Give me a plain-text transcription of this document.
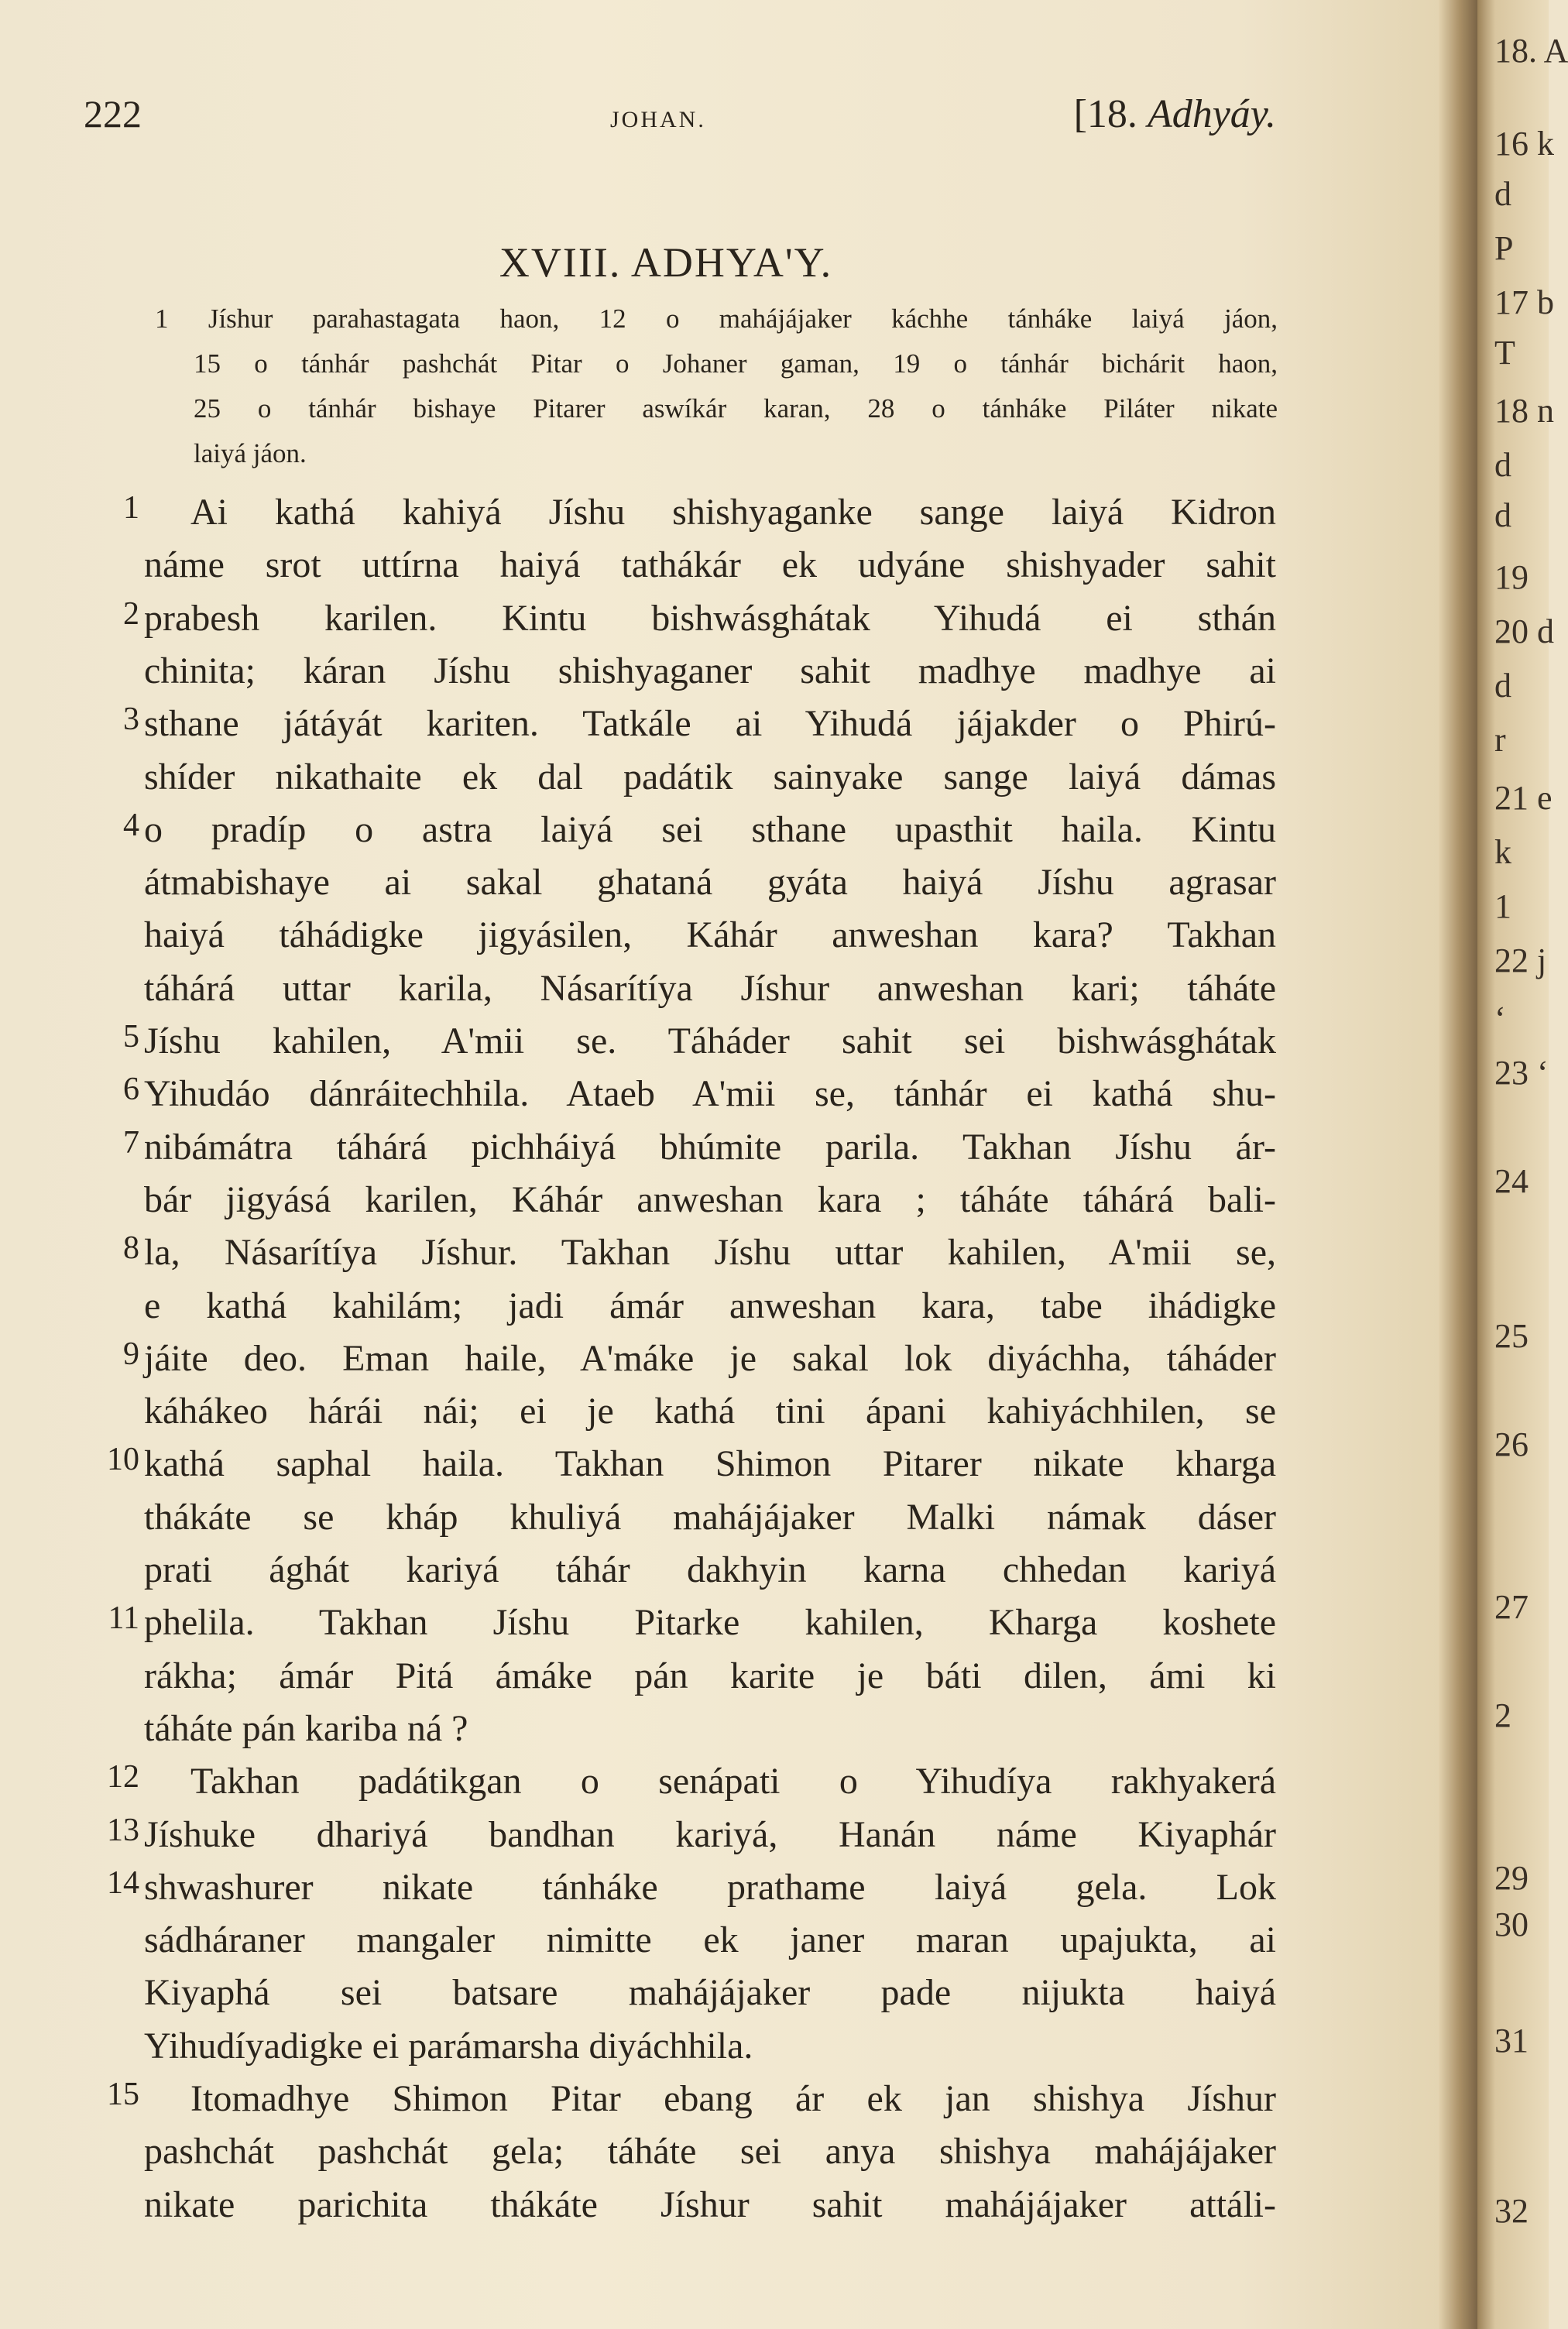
222	JOHAN.	[18. Adhyáy.
XVIII. ADHYA'Y.
1 Jíshur parahastagata haon, 12 o mahájájaker káchhe tánháke laiyá jáon,
15 o tánhár pashchát Pitar o Johaner gaman, 19 o tánhár bichárit haon,
25 o tánhár bishaye Pitarer aswíkár karan, 28 o tánháke Piláter nikate
laiyá jáon.
1 Ai kathá kahiyá Jíshu shishyaganke sange laiyá Kidron
náme srot uttírna haiyá tathákár ek udyáne shishyader sahit
2 prabesh karilen. Kintu bishwásghátak Yihudá ei sthán
chinita; káran Jíshu shishyaganer sahit madhye madhye ai
3 sthane játáyát kariten. Tatkále ai Yihudá jájakder o Phirú-
shíder nikathaite ek dal padátik sainyake sange laiyá dámas
4 o pradíp o astra laiyá sei sthane upasthit haila. Kintu
átmabishaye ai sakal ghataná gyáta haiyá Jíshu agrasar
haiyá táhádigke jigyásilen, Káhár anweshan kara? Takhan
táhárá uttar karila, Násarítíya Jíshur anweshan kari; táháte
5 Jíshu kahilen, A'mii se. Táháder sahit sei bishwásghátak
6 Yihudáo dánráitechhila. Ataeb A'mii se, tánhár ei kathá shu-
7 nibámátra táhárá pichháiyá bhúmite parila. Takhan Jíshu ár-
bár jigyásá karilen, Káhár anweshan kara ; táháte táhárá bali-
8 la, Násarítíya Jíshur. Takhan Jíshu uttar kahilen, A'mii se,
e kathá kahilám; jadi ámár anweshan kara, tabe ihádigke
9 jáite deo. Eman haile, A'máke je sakal lok diyáchha, táháder
káhákeo hárái nái; ei je kathá tini ápani kahiyáchhilen, se
10 kathá saphal haila. Takhan Shimon Pitarer nikate kharga
thákáte se kháp khuliyá mahájájaker Malki námak dáser
prati ághát kariyá táhár dakhyin karna chhedan kariyá
11 phelila. Takhan Jíshu Pitarke kahilen, Kharga koshete
rákha; ámár Pitá ámáke pán karite je báti dilen, ámi ki
táháte pán kariba ná ?
12 Takhan padátikgan o senápati o Yihudíya rakhyakerá
13 Jíshuke dhariyá bandhan kariyá, Hanán náme Kiyaphár
14 shwashurer nikate tánháke prathame laiyá gela. Lok
sádháraner mangaler nimitte ek janer maran upajukta, ai
Kiyaphá sei batsare mahájájaker pade nijukta haiyá
Yihudíyadigke ei parámarsha diyáchhila.
15 Itomadhye Shimon Pitar ebang ár ek jan shishya Jíshur
pashchát pashchát gela; táháte sei anya shishya mahájájaker
nikate parichita thákáte Jíshur sahit mahájájaker attáli-
18. A
16 k
d
P
17 b
T
18 n
d
d
19
20 d
d
r
21 e
k
1
22 j
‘
23 ‘
24
25
26
27
2
29
30
31
32
